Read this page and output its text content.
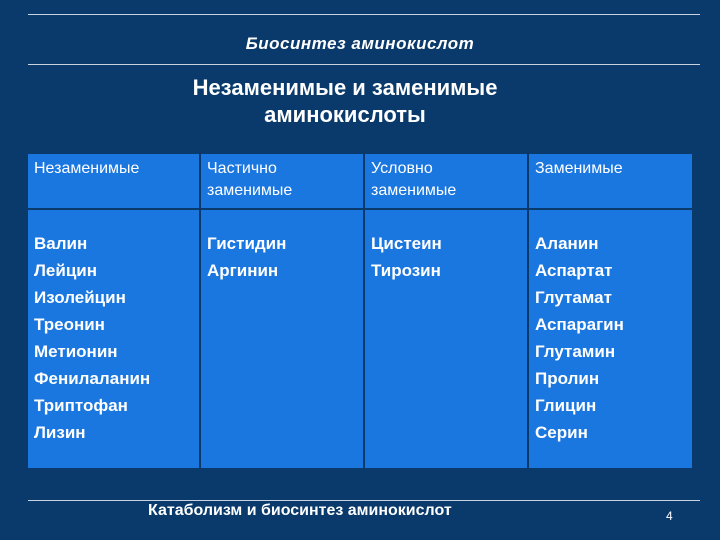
Биосинтез аминокислот
Незаменимые и заменимые
аминокислоты
Незаменимые	Частично
заменимые
Условно
заменимые
Заменимые
Валин
Лейцин
Изолейцин
Треонин
Метионин
Фенилаланин
Триптофан
Лизин
Гистидин
Аргинин
Цистеин
Тирозин
Аланин
Аспартат
Глутамат
Аспарагин
Глутамин
Пролин
Глицин
Серин
Катаболизм и биосинтез аминокислот	4
